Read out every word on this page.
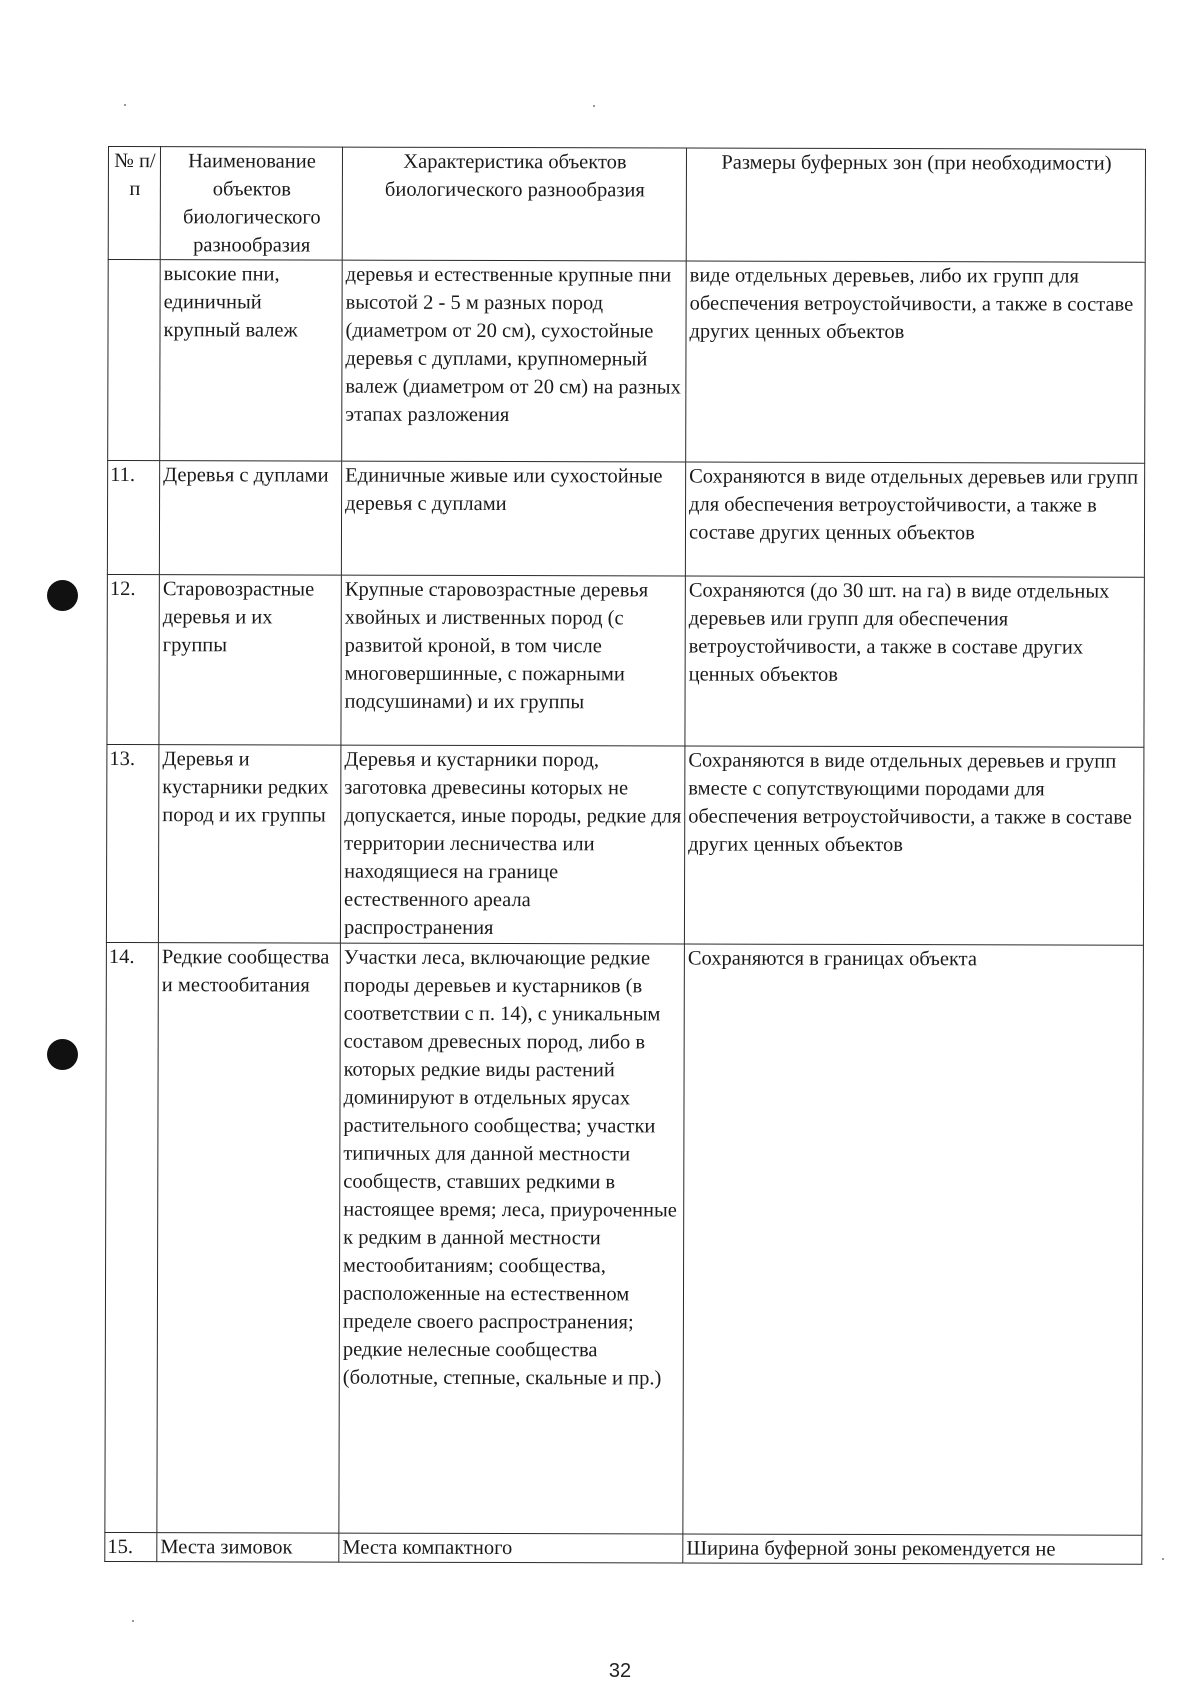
№ п/п	Наименование объектов биологического разнообразия	Характеристика объектов биологического разнообразия	Размеры буферных зон (при необходимости)
	высокие пни, единичный крупный валеж	деревья и естественные крупные пни высотой 2 - 5 м разных пород (диаметром от 20 см), сухостойные деревья с дуплами, крупномерный валеж (диаметром от 20 см) на разных этапах разложения	виде отдельных деревьев, либо их групп для обеспечения ветроустойчивости, а также в составе других ценных объектов
11.	Деревья с дуплами	Единичные живые или сухостойные деревья с дуплами	Сохраняются в виде отдельных деревьев или групп для обеспечения ветроустойчивости, а также в составе других ценных объектов
12.	Старовозрастные деревья и их группы	Крупные старовозрастные деревья хвойных и лиственных пород (с развитой кроной, в том числе многовершинные, с пожарными подсушинами) и их группы	Сохраняются (до 30 шт. на га) в виде отдельных деревьев или групп для обеспечения ветроустойчивости, а также в составе других ценных объектов
13.	Деревья и кустарники редких пород и их группы	Деревья и кустарники пород, заготовка древесины которых не допускается, иные породы, редкие для территории лесничества или находящиеся на границе естественного ареала распространения	Сохраняются в виде отдельных деревьев и групп вместе с сопутствующими породами для обеспечения ветроустойчивости, а также в составе других ценных объектов
14.	Редкие сообщества и местообитания	Участки леса, включающие редкие породы деревьев и кустарников (в соответствии с п. 14), с уникальным составом древесных пород, либо в которых редкие виды растений доминируют в отдельных ярусах растительного сообщества; участки типичных для данной местности сообществ, ставших редкими в настоящее время; леса, приуроченные к редким в данной местности местообитаниям; сообщества, расположенные на естественном пределе своего распространения; редкие нелесные сообщества (болотные, степные, скальные и пр.)	Сохраняются в границах объекта
15.	Места зимовок	Места компактного	Ширина буферной зоны рекомендуется не
32
